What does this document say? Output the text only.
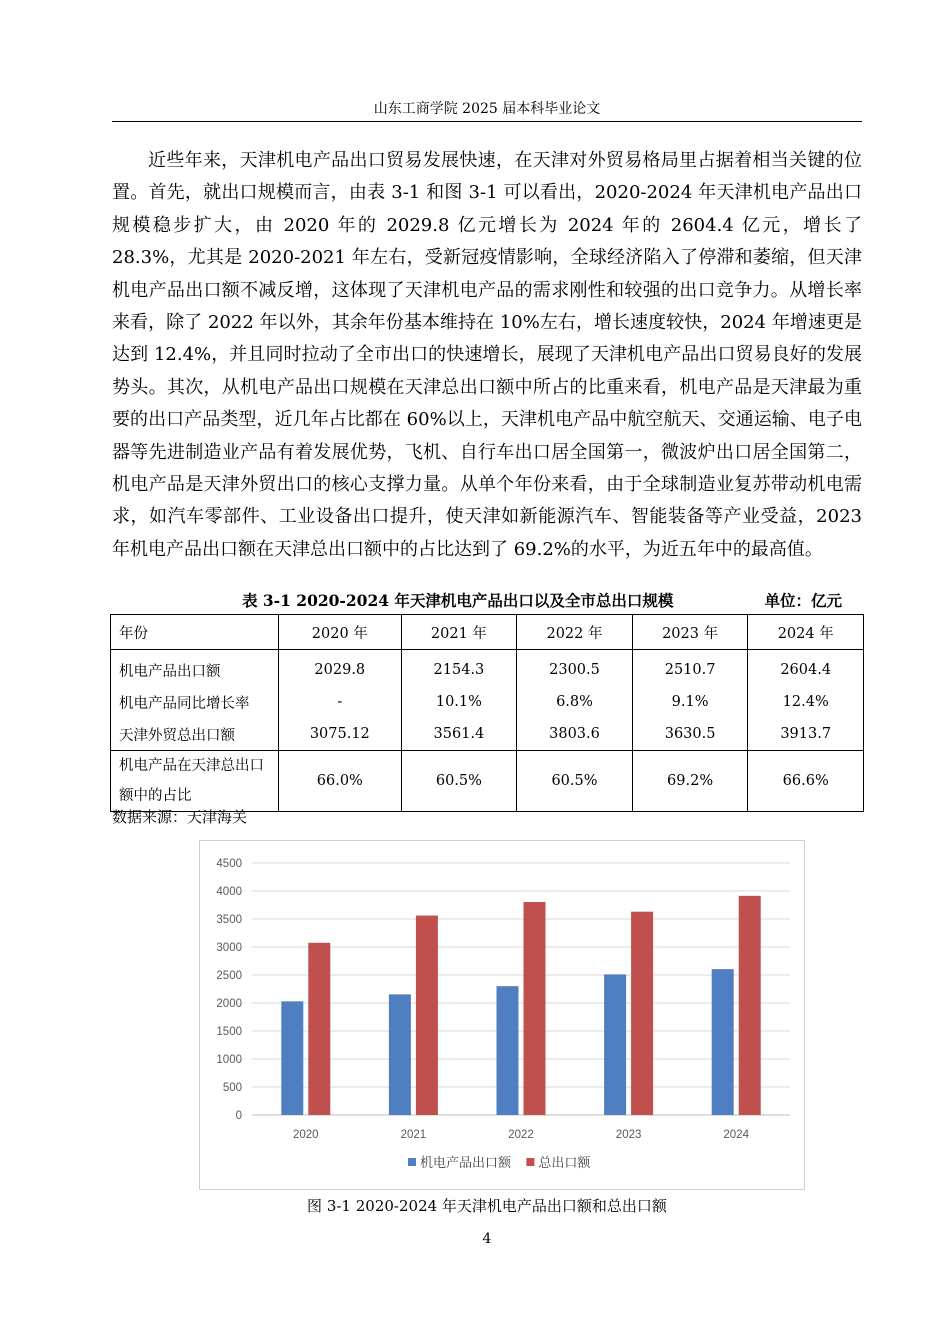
山东工商学院 2025 届本科毕业论文

近些年来，天津机电产品出口贸易发展快速，在天津对外贸易格局里占据着相当关键的位置。首先，就出口规模而言，由表 3-1 和图 3-1 可以看出，2020-2024 年天津机电产品出口规模稳步扩大，由 2020 年的 2029.8 亿元增长为 2024 年的 2604.4 亿元，增长了 28.3%，尤其是 2020-2021 年左右，受新冠疫情影响，全球经济陷入了停滞和萎缩，但天津机电产品出口额不减反增，这体现了天津机电产品的需求刚性和较强的出口竞争力。从增长率来看，除了 2022 年以外，其余年份基本维持在 10%左右，增长速度较快，2024 年增速更是达到 12.4%，并且同时拉动了全市出口的快速增长，展现了天津机电产品出口贸易良好的发展势头。其次，从机电产品出口规模在天津总出口额中所占的比重来看，机电产品是天津最为重要的出口产品类型，近几年占比都在 60%以上，天津机电产品中航空航天、交通运输、电子电器等先进制造业产品有着发展优势，飞机、自行车出口居全国第一，微波炉出口居全国第二，机电产品是天津外贸出口的核心支撑力量。从单个年份来看，由于全球制造业复苏带动机电需求，如汽车零部件、工业设备出口提升，使天津如新能源汽车、智能装备等产业受益，2023 年机电产品出口额在天津总出口额中的占比达到了 69.2%的水平，为近五年中的最高值。

表 3-1 2020-2024 年天津机电产品出口以及全市总出口规模	单位：亿元
年份	2020 年	2021 年	2022 年	2023 年	2024 年
机电产品出口额	2029.8	2154.3	2300.5	2510.7	2604.4
机电产品同比增长率	-	10.1%	6.8%	9.1%	12.4%
天津外贸总出口额	3075.12	3561.4	3803.6	3630.5	3913.7
机电产品在天津总出口
额中的占比	66.0%	60.5%	60.5%	69.2%	66.6%
数据来源：天津海关
0
500
1000
1500
2000
2500
3000
3500
4000
4500
2020	2021	2022	2023	2024
机电产品出口额 总出口额
图 3-1 2020-2024 年天津机电产品出口额和总出口额
4
